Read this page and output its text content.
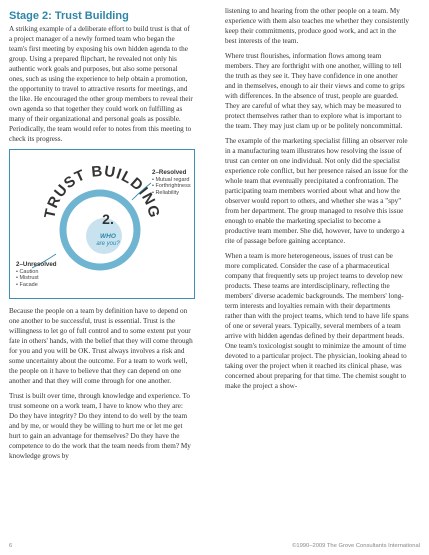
Stage 2: Trust Building

A striking example of a deliberate effort to build trust is that of a project manager of a newly formed team who began the team's first meeting by exposing his own hidden agenda to the group. Using a prepared flipchart, he revealed not only his authentic work goals and purposes, but also some personal ones, such as using the experience to help obtain a promotion, the opportunity to travel to attractive resorts for meetings, and the like. He encouraged the other group members to reveal their own agenda so that together they could work on fulfilling as many of their organizational and personal goals as possible. Periodically, the team would refer to notes from this meeting to check its progress.

TRUST BUILDING
2.
WHO
are you?
2–Resolved
• Mutual regard
• Forthrightness
• Reliability
2–Unresolved
• Caution
• Mistrust
• Facade

Because the people on a team by definition have to depend on one another to be successful, trust is essential. Trust is the willingness to let go of full control and to some extent put your fate in others' hands, with the belief that they will come through for you and you will be OK. Trust always involves a risk and some uncertainty about the outcome. For a team to work well, the people on it have to believe that they can depend on one another and that they will come through for one another.

Trust is built over time, through knowledge and experience. To trust someone on a work team, I have to know who they are: Do they have integrity? Do they intend to do well by the team and by me, or would they be willing to hurt me or let me get hurt to gain an advantage for themselves? Do they have the competence to do the work that the team needs from them? My knowledge grows by

listening to and hearing from the other people on a team. My experience with them also teaches me whether they consistently keep their commitments, produce good work, and act in the best interests of the team.

Where trust flourishes, information flows among team members. They are forthright with one another, willing to tell the truth as they see it. They have confidence in one another and in themselves, enough to air their views and come to grips with differences. In the absence of trust, people are guarded. They are careful of what they say, which may be measured to protect themselves rather than to explore what is important to the team. They may just clam up or be politely noncommittal.

The example of the marketing specialist filling an observer role in a manufacturing team illustrates how resolving the issue of trust can center on one individual. Not only did the specialist experience role conflict, but her presence raised an issue for the whole team that eventually precipitated a confrontation. The participating team members worried about what and how the observer would report to others, and whether she was a "spy" from her department. The group managed to resolve this issue enough to enable the marketing specialist to become a productive team member. She did, however, have to undergo a rite of passage before gaining acceptance.

When a team is more heterogeneous, issues of trust can be more complicated. Consider the case of a pharmaceutical company that frequently sets up project teams to develop new products. These teams are interdisciplinary, reflecting the members' diverse academic backgrounds. The members' long-term interests and loyalties remain with their departments rather than with the project teams, which tend to have life spans of one or several years. Typically, several members of a team arrive with hidden agendas defined by their department heads. One team's toxicologist sought to minimize the amount of time devoted to a particular project. The physician, looking ahead to taking over the project when it reached its clinical phase, was concerned about preparing for that time. The chemist sought to make the project a show-

6	©1990–2009 The Grove Consultants International
